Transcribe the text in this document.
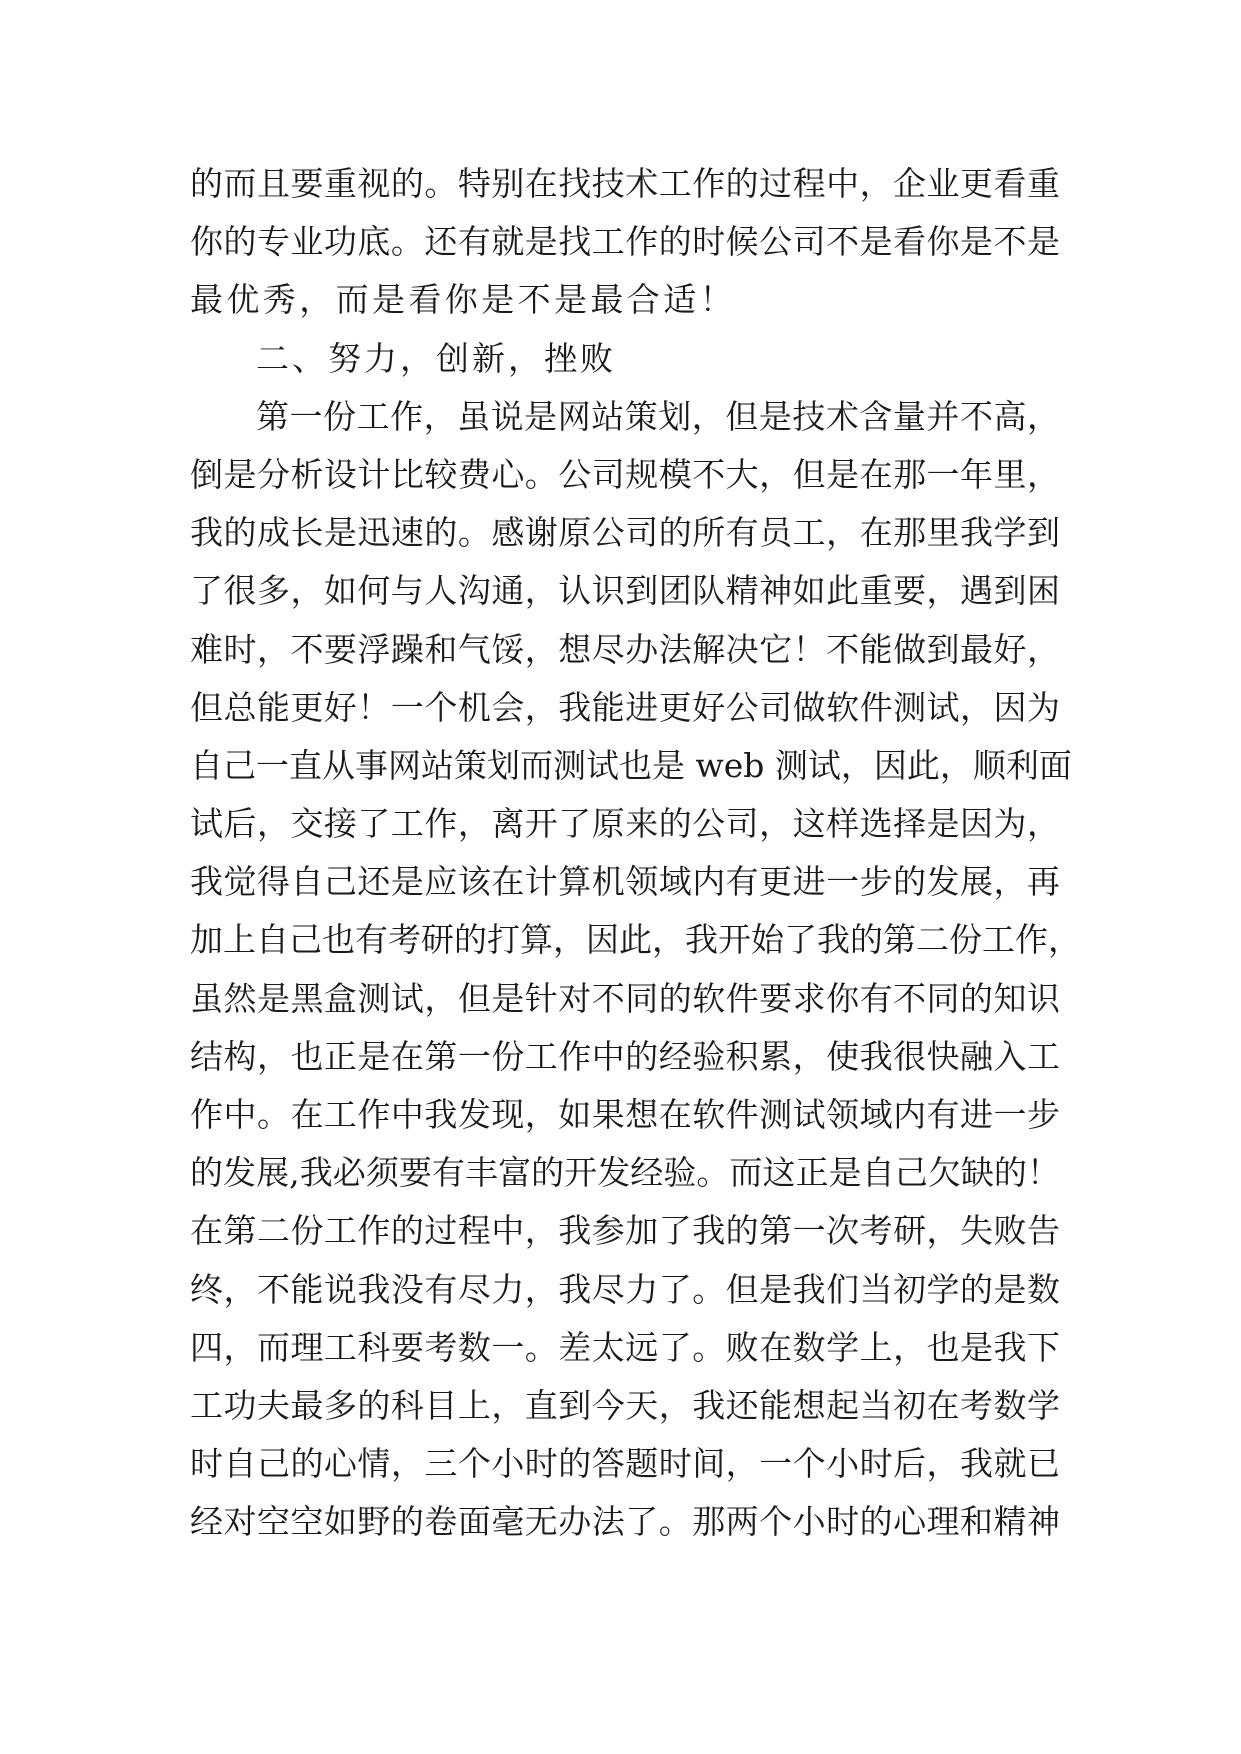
的而且要重视的。特别在找技术工作的过程中，企业更看重
你的专业功底。还有就是找工作的时候公司不是看你是不是
最优秀，而是看你是不是最合适！
二、努力，创新，挫败
第一份工作，虽说是网站策划，但是技术含量并不高，
倒是分析设计比较费心。公司规模不大，但是在那一年里，
我的成长是迅速的。感谢原公司的所有员工，在那里我学到
了很多，如何与人沟通，认识到团队精神如此重要，遇到困
难时，不要浮躁和气馁，想尽办法解决它！不能做到最好，
但总能更好！一个机会，我能进更好公司做软件测试，因为
自己一直从事网站策划而测试也是 web 测试，因此，顺利面
试后，交接了工作，离开了原来的公司，这样选择是因为，
我觉得自己还是应该在计算机领域内有更进一步的发展，再
加上自己也有考研的打算，因此，我开始了我的第二份工作，
虽然是黑盒测试，但是针对不同的软件要求你有不同的知识
结构，也正是在第一份工作中的经验积累，使我很快融入工
作中。在工作中我发现，如果想在软件测试领域内有进一步
的发展,我必须要有丰富的开发经验。而这正是自己欠缺的！
在第二份工作的过程中，我参加了我的第一次考研，失败告
终，不能说我没有尽力，我尽力了。但是我们当初学的是数
四，而理工科要考数一。差太远了。败在数学上，也是我下
工功夫最多的科目上，直到今天，我还能想起当初在考数学
时自己的心情，三个小时的答题时间，一个小时后，我就已
经对空空如野的卷面毫无办法了。那两个小时的心理和精神
